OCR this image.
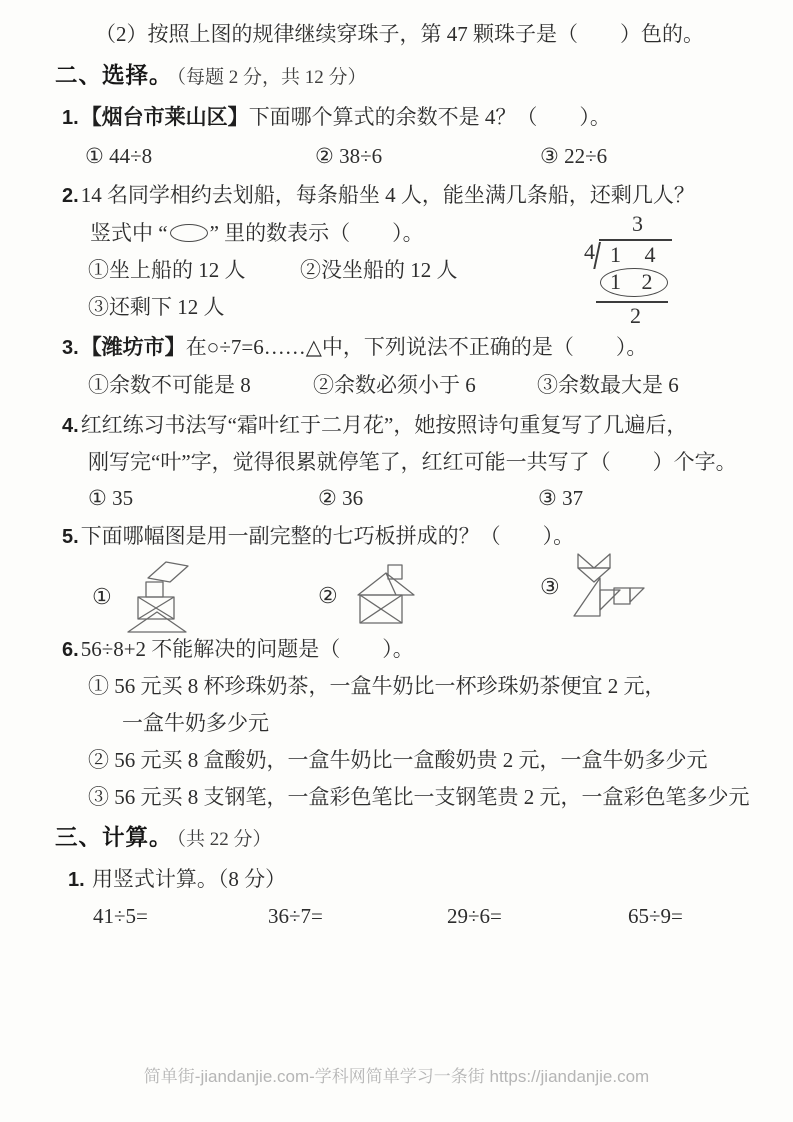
（2）按照上图的规律继续穿珠子，第 47 颗珠子是（　　）色的。
二、选择。 （每题 2 分，共 12 分）
1.【烟台市莱山区】下面哪个算式的余数不是 4？（　　）。
① 44÷8	② 38÷6	③ 22÷6
2.14 名同学相约去划船，每条船坐 4 人，能坐满几条船，还剩几人？
竖式中 “ ” 里的数表示（　　）。	3
4 1 4
1 2
2
①坐上船的 12 人	②没坐船的 12 人
③还剩下 12 人
3.【潍坊市】在○÷7=6……△中，下列说法不正确的是（　　）。
①余数不可能是 8	②余数必须小于 6	③余数最大是 6
4.红红练习书法写“霜叶红于二月花”，她按照诗句重复写了几遍后，
刚写完“叶”字，觉得很累就停笔了，红红可能一共写了（　　）个字。
① 35	② 36	③ 37
5.下面哪幅图是用一副完整的七巧板拼成的？（　　）。
①	②	③
6.56÷8+2 不能解决的问题是（　　）。
① 56 元买 8 杯珍珠奶茶，一盒牛奶比一杯珍珠奶茶便宜 2 元，
一盒牛奶多少元
② 56 元买 8 盒酸奶，一盒牛奶比一盒酸奶贵 2 元，一盒牛奶多少元
③ 56 元买 8 支钢笔，一盒彩色笔比一支钢笔贵 2 元，一盒彩色笔多少元
三、计算。 （共 22 分）
1. 用竖式计算。（8 分）
41÷5=	36÷7=	29÷6=	65÷9=
简单街-jiandanjie.com-学科网简单学习一条街 https://jiandanjie.com
